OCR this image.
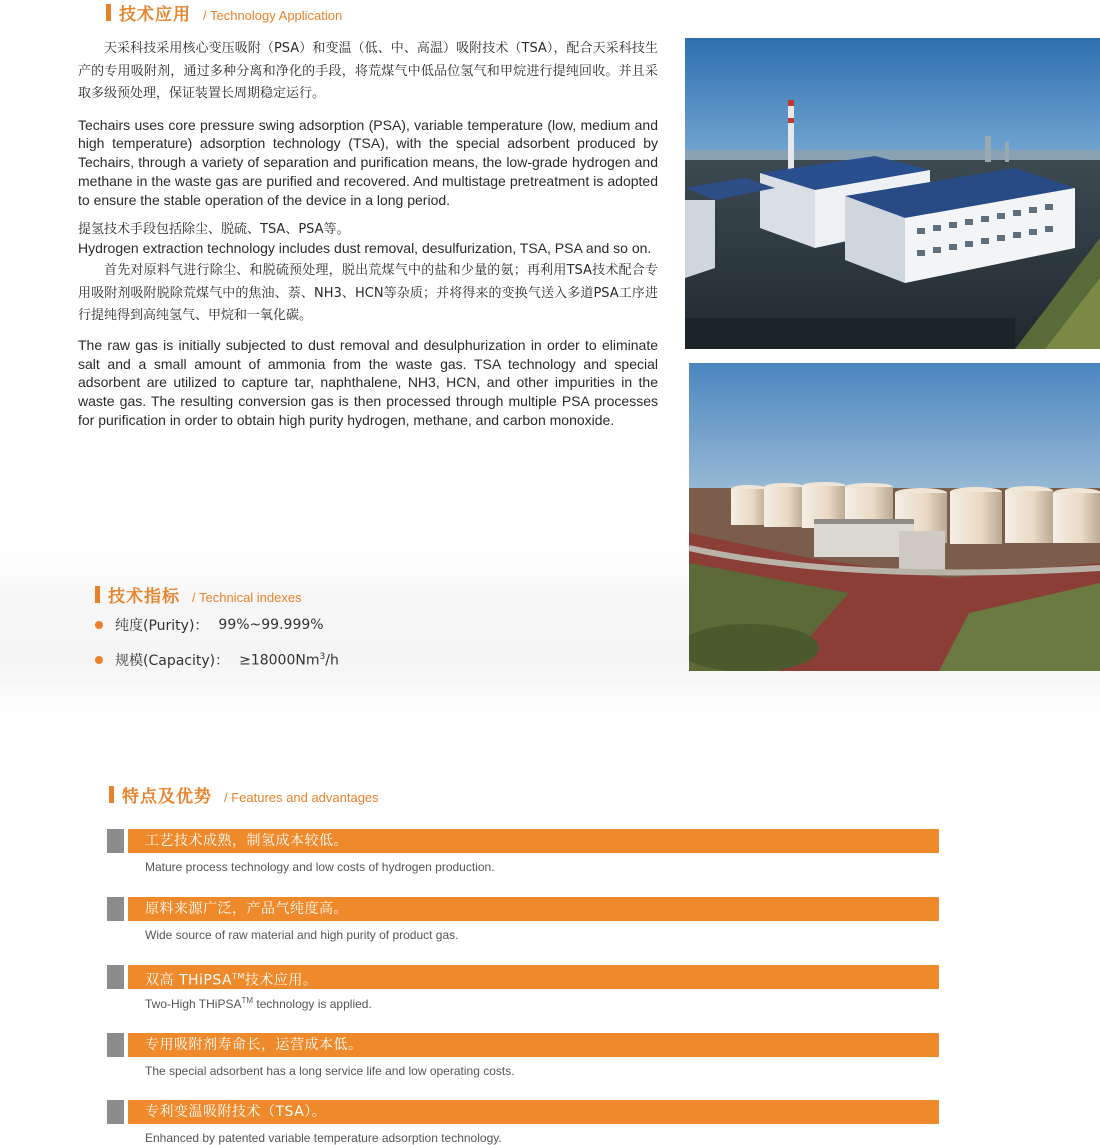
技术应用 / Technology Application

天采科技采用核心变压吸附（PSA）和变温（低、中、高温）吸附技术（TSA），配合天采科技生产的专用吸附剂，通过多种分离和净化的手段，将荒煤气中低品位氢气和甲烷进行提纯回收。并且采取多级预处理，保证装置长周期稳定运行。

Techairs uses core pressure swing adsorption (PSA), variable temperature (low, medium and high temperature) adsorption technology (TSA), with the special adsorbent produced by Techairs, through a variety of separation and purification means, the low-grade hydrogen and methane in the waste gas are purified and recovered. And multistage pretreatment is adopted to ensure the stable operation of the device in a long period.

提氢技术手段包括除尘、脱硫、TSA、PSA等。

Hydrogen extraction technology includes dust removal, desulfurization, TSA, PSA and so on.

首先对原料气进行除尘、和脱硫预处理，脱出荒煤气中的盐和少量的氨；再利用TSA技术配合专用吸附剂吸附脱除荒煤气中的焦油、萘、NH3、HCN等杂质；并将得来的变换气送入多道PSA工序进行提纯得到高纯氢气、甲烷和一氧化碳。

The raw gas is initially subjected to dust removal and desulphurization in order to eliminate salt and a small amount of ammonia from the waste gas. TSA technology and special adsorbent are utilized to capture tar, naphthalene, NH3, HCN, and other impurities in the waste gas. The resulting conversion gas is then processed through multiple PSA processes for purification in order to obtain high purity hydrogen, methane, and carbon monoxide.

技术指标 / Technical indexes
纯度(Purity)： 99%~99.999%
规模(Capacity)： $\ge 18000Nm^3/h$
特点及优势 / Features and advantages
工艺技术成熟，制氢成本较低。
Mature process technology and low costs of hydrogen production.
原料来源广泛，产品气纯度高。
Wide source of raw material and high purity of product gas.
双高 THiPSA™技术应用。
Two-High THiPSA™ technology is applied.
专用吸附剂寿命长，运营成本低。
The special adsorbent has a long service life and low operating costs.
专利变温吸附技术（TSA）。
Enhanced by patented variable temperature adsorption technology.
